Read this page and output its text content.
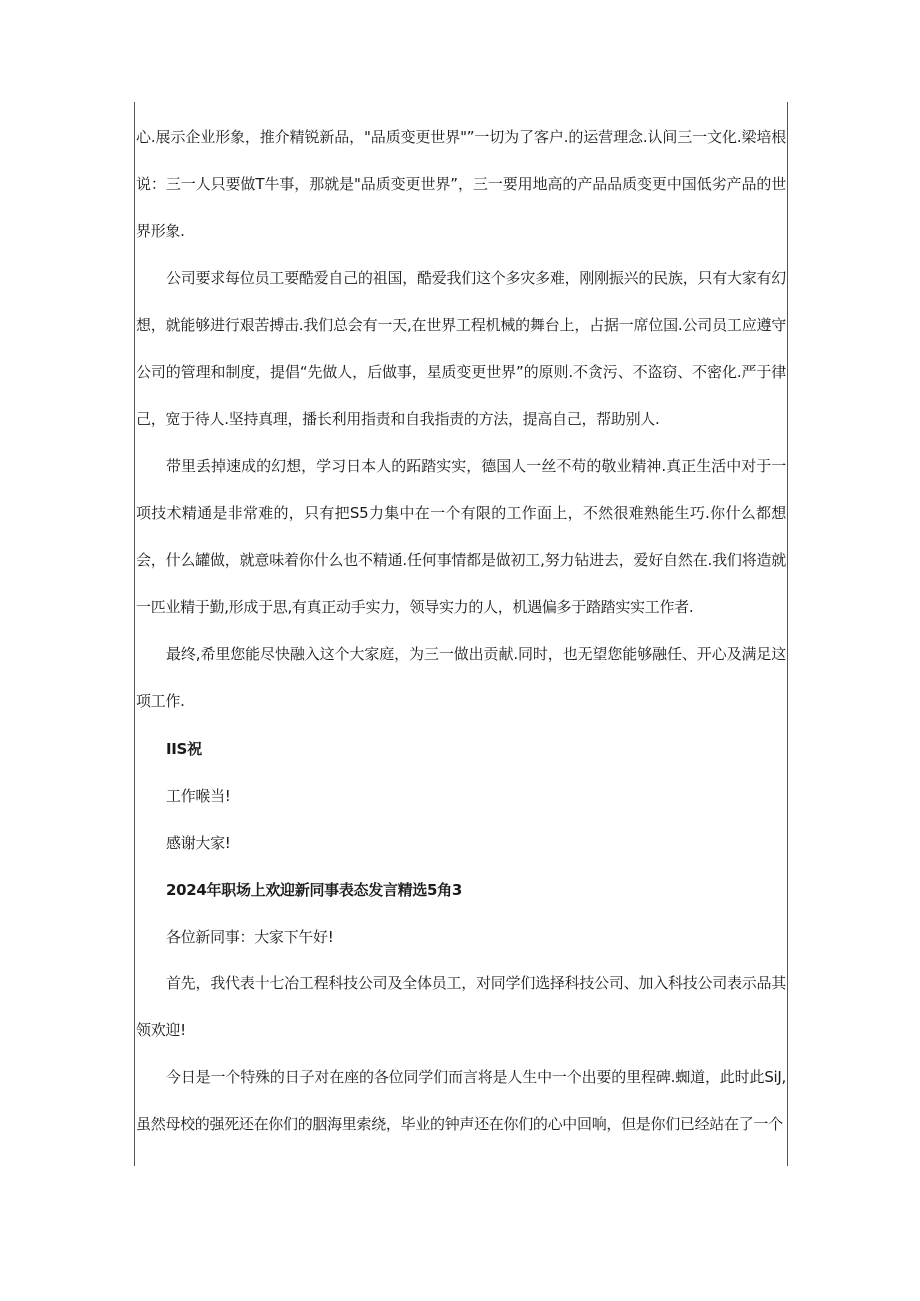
心.展示企业形象，推介精锐新品，"品质变更世界"”一切为了客户.的运营理念.认间三一文化.梁培根说：三一人只要做T牛事，那就是"品质变更世界”，三一要用地高的产品品质变更中国低劣产品的世界形象.

公司要求每位员工要酷爱自己的祖国，酷爱我们这个多灾多难，刚刚振兴的民族，只有大家有幻想，就能够进行艰苦搏击.我们总会有一天,在世界工程机械的舞台上，占据一席位国.公司员工应遵守公司的管理和制度，提倡“先做人，后做事，星质变更世界”的原则.不贪污、不盗窃、不密化.严于律己，宽于待人.坚持真理，播长利用指责和自我指责的方法，提高自己，帮助别人.

带里丢掉速成的幻想，学习日本人的跖踏实实，德国人一丝不苟的敬业精神.真正生活中对于一项技术精通是非常难的，只有把S5力集中在一个有限的工作面上，不然很难熟能生巧.你什么都想会，什么罐做，就意味着你什么也不精通.任何事情都是做初工,努力钻进去，爱好自然在.我们将造就一匹业精于勤,形成于思,有真正动手实力，领导实力的人，机遇偏多于踏踏实实工作者.

最终,希里您能尽快融入这个大家庭，为三一做出贡献.同时，也无望您能够融任、开心及满足这项工作.

IIS祝

工作喉当!

感谢大家!

2024年职场上欢迎新同事表态发言精选5角3

各位新同事：大家下午好!

首先，我代表十七冶工程科技公司及全体员工，对同学们选择科技公司、加入科技公司表示品其领欢迎!

今日是一个特殊的日子对在座的各位同学们而言将是人生中一个出要的里程碑.蜘道，此时此SiJ,虽然母校的强死还在你们的胭海里索绕，毕业的钟声还在你们的心中回响，但是你们已经站在了一个
